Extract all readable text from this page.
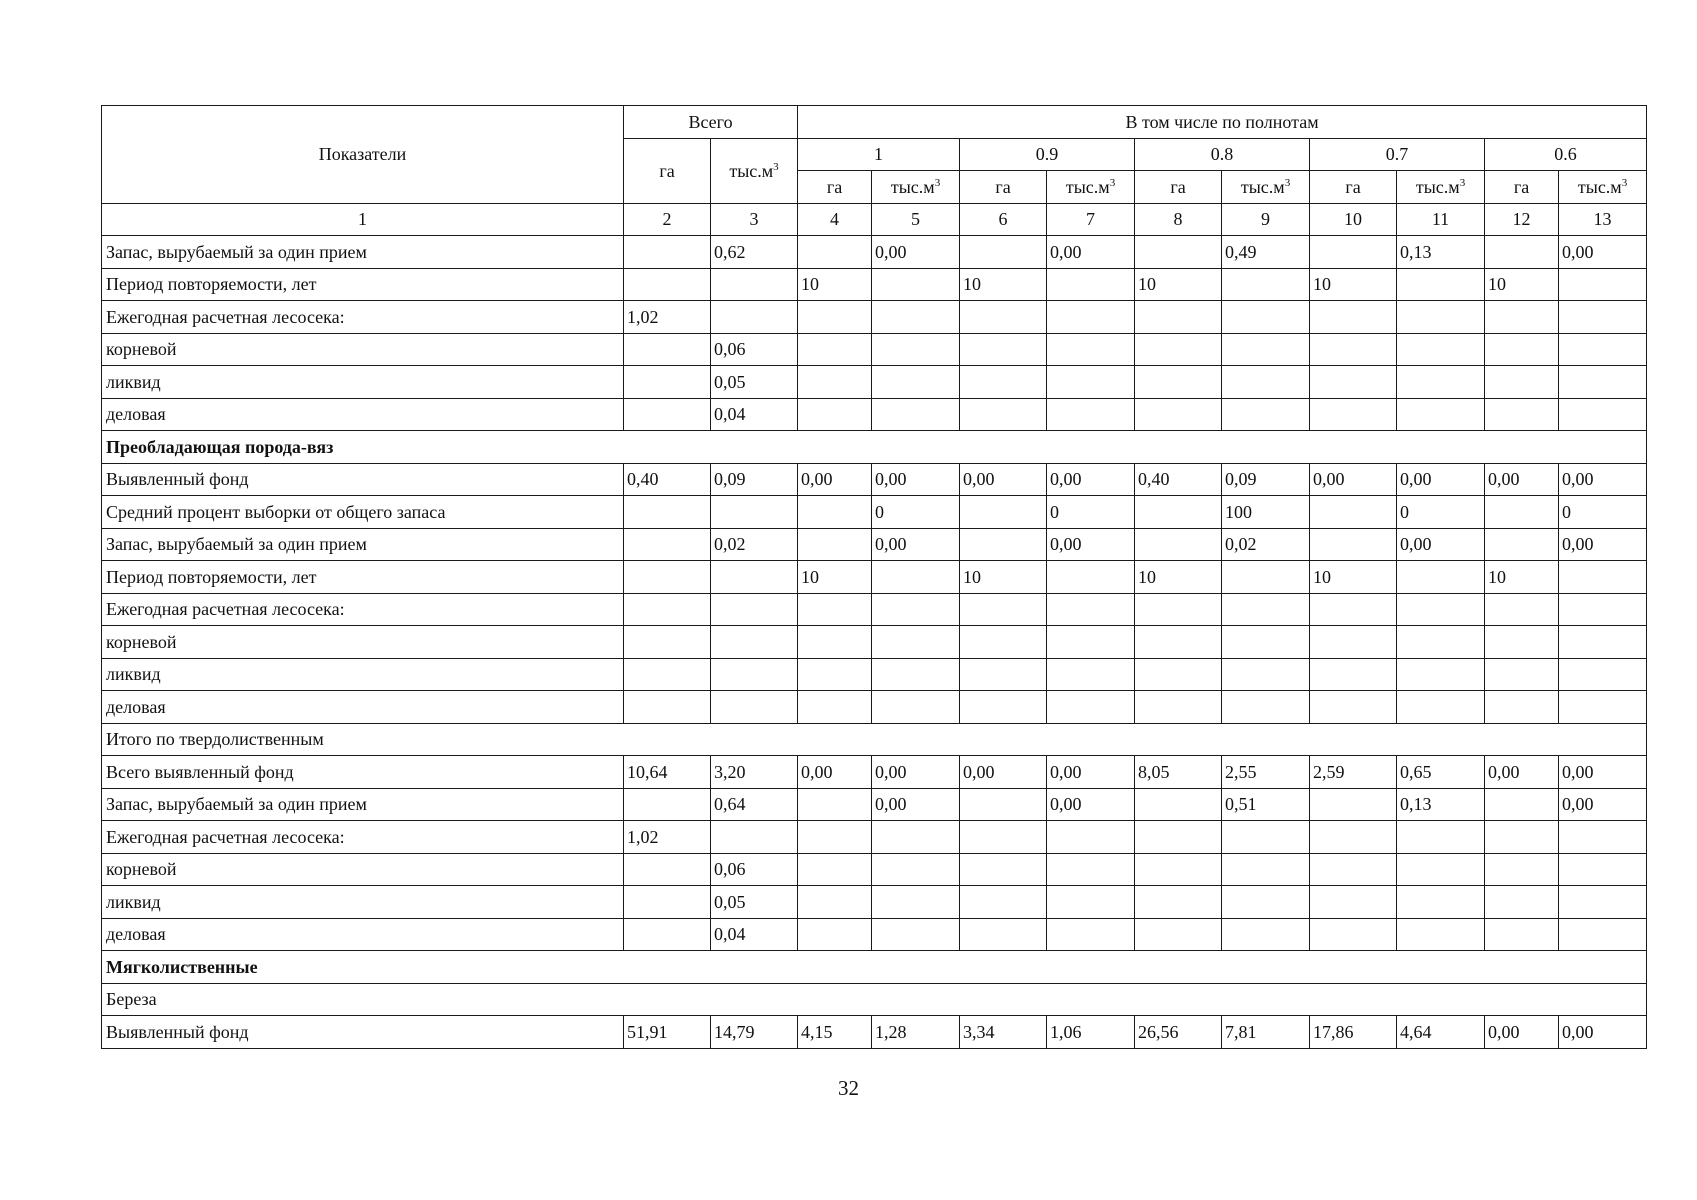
Показатели	Всего		В том числе по полнотам									
	га	$тыс.м^3$	1		0.9		0.8		0.7		0.6	
			га	$тыс.м^3$	га	$тыс.м^3$	га	$тыс.м^3$	га	$тыс.м^3$	га	$тыс.м^3$
1	2	3	4	5	6	7	8	9	10	11	12	13
Запас, вырубаемый за один прием		0,62		0,00		0,00		0,49		0,13		0,00
Период повторяемости, лет			10		10		10		10		10	
Ежегодная расчетная лесосека:	1,02											
корневой		0,06										
ликвид		0,05										
деловая		0,04										
Преобладающая порода-вяз												
Выявленный фонд	0,40	0,09	0,00	0,00	0,00	0,00	0,40	0,09	0,00	0,00	0,00	0,00
Средний процент выборки от общего запаса				0		0		100		0		0
Запас, вырубаемый за один прием		0,02		0,00		0,00		0,02		0,00		0,00
Период повторяемости, лет			10		10		10		10		10	
Ежегодная расчетная лесосека:												
корневой												
ликвид												
деловая												
Итого по твердолиственным												
Всего выявленный фонд	10,64	3,20	0,00	0,00	0,00	0,00	8,05	2,55	2,59	0,65	0,00	0,00
Запас, вырубаемый за один прием		0,64		0,00		0,00		0,51		0,13		0,00
Ежегодная расчетная лесосека:	1,02											
корневой		0,06										
ликвид		0,05										
деловая		0,04										
Мягколиственные												
Береза												
Выявленный фонд	51,91	14,79	4,15	1,28	3,34	1,06	26,56	7,81	17,86	4,64	0,00	0,00
32
